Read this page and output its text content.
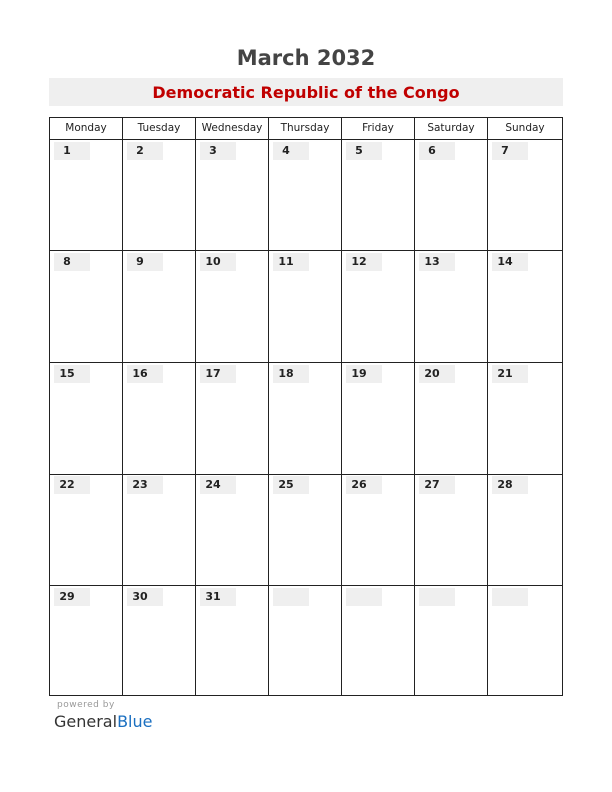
March 2032
Democratic Republic of the Congo
Monday	Tuesday	Wednesday	Thursday	Friday	Saturday	Sunday
1	2	3	4	5	6	7
8	9	10	11	12	13	14
15	16	17	18	19	20	21
22	23	24	25	26	27	28
29	30	31
powered by
GeneralBlue
